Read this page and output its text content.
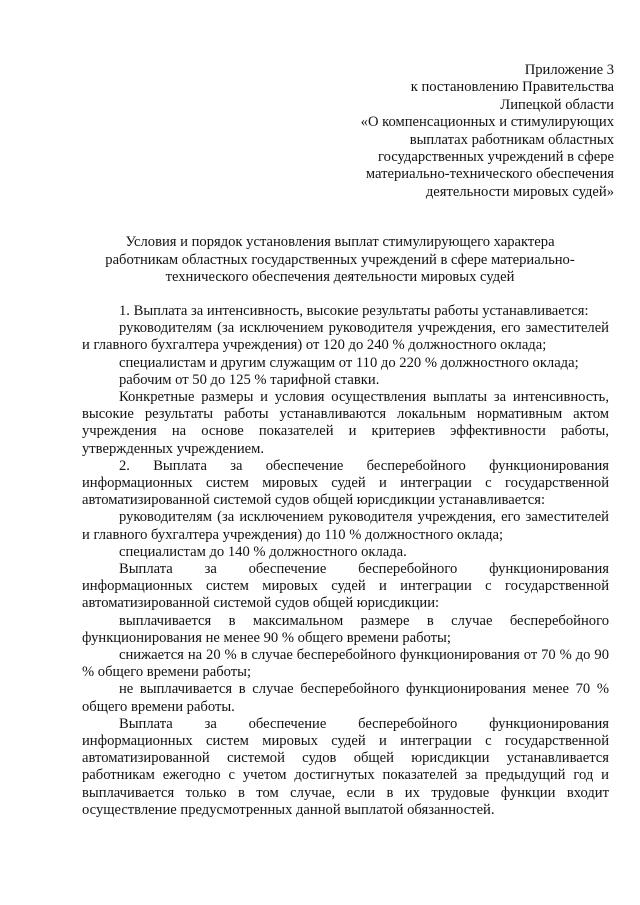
Приложение 3
к постановлению Правительства
Липецкой области
«О компенсационных и стимулирующих
выплатах работникам областных
государственных учреждений в сфере
материально-технического обеспечения
деятельности мировых судей»
Условия и порядок установления выплат стимулирующего характера
работникам областных государственных учреждений в сфере материально-
технического обеспечения деятельности мировых судей

1. Выплата за интенсивность, высокие результаты работы устанавливается:

руководителям (за исключением руководителя учреждения, его заместителей и главного бухгалтера учреждения) от 120 до 240 % должностного оклада;

специалистам и другим служащим от 110 до 220 % должностного оклада;

рабочим от 50 до 125 % тарифной ставки.

Конкретные размеры и условия осуществления выплаты за интенсивность, высокие результаты работы устанавливаются локальным нормативным актом учреждения на основе показателей и критериев эффективности работы, утвержденных учреждением.

2. Выплата за обеспечение бесперебойного функционирования информационных систем мировых судей и интеграции с государственной автоматизированной системой судов общей юрисдикции устанавливается:

руководителям (за исключением руководителя учреждения, его заместителей и главного бухгалтера учреждения) до 110 % должностного оклада;

специалистам до 140 % должностного оклада.

Выплата за обеспечение бесперебойного функционирования информационных систем мировых судей и интеграции с государственной автоматизированной системой судов общей юрисдикции:

выплачивается в максимальном размере в случае бесперебойного функционирования не менее 90 % общего времени работы;

снижается на 20 % в случае бесперебойного функционирования от 70 % до 90 % общего времени работы;

не выплачивается в случае бесперебойного функционирования менее 70 % общего времени работы.

Выплата за обеспечение бесперебойного функционирования информационных систем мировых судей и интеграции с государственной автоматизированной системой судов общей юрисдикции устанавливается работникам ежегодно с учетом достигнутых показателей за предыдущий год и выплачивается только в том случае, если в их трудовые функции входит осуществление предусмотренных данной выплатой обязанностей.
